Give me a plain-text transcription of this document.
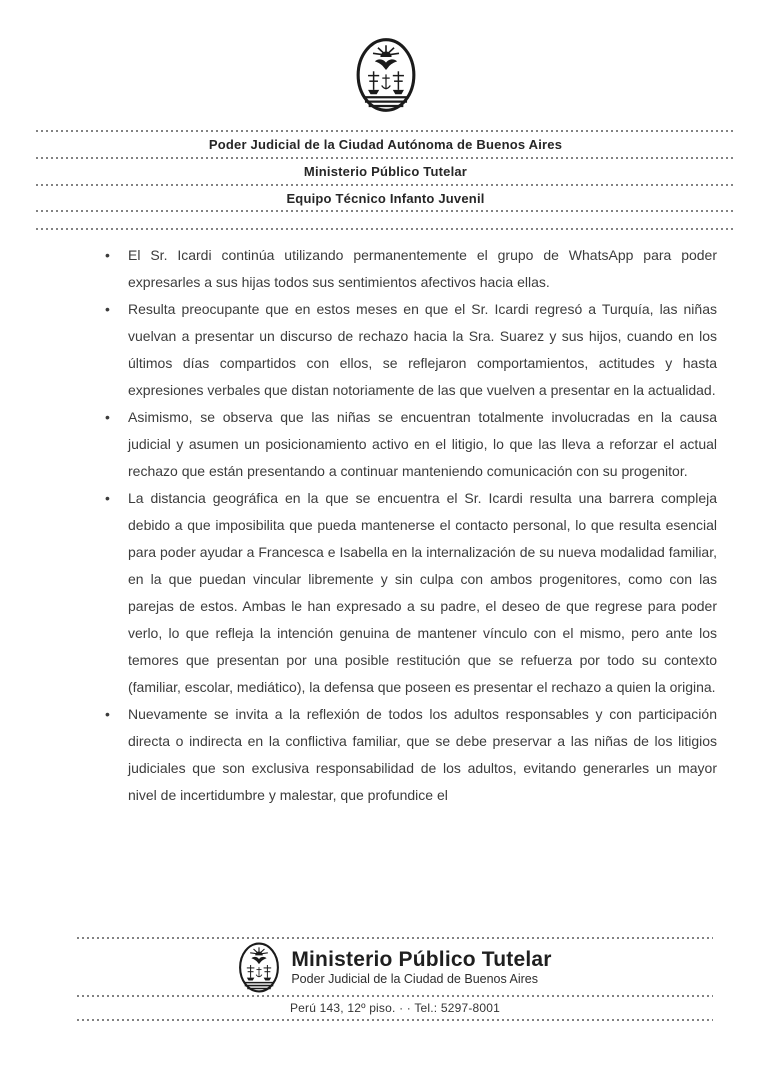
Poder Judicial de la Ciudad Autónoma de Buenos Aires
Ministerio Público Tutelar
Equipo Técnico Infanto Juvenil
•	El Sr. Icardi continúa utilizando permanentemente el grupo de WhatsApp para poder expresarles a sus hijas todos sus sentimientos afectivos hacia ellas.

•	Resulta preocupante que en estos meses en que el Sr. Icardi regresó a Turquía, las niñas vuelvan a presentar un discurso de rechazo hacia la Sra. Suarez y sus hijos, cuando en los últimos días compartidos con ellos, se reflejaron comportamientos, actitudes y hasta expresiones verbales que distan notoriamente de las que vuelven a presentar en la actualidad.

•	Asimismo, se observa que las niñas se encuentran totalmente involucradas en la causa judicial y asumen un posicionamiento activo en el litigio, lo que las lleva a reforzar el actual rechazo que están presentando a continuar manteniendo comunicación con su progenitor.

•	La distancia geográfica en la que se encuentra el Sr. Icardi resulta una barrera compleja debido a que imposibilita que pueda mantenerse el contacto personal, lo que resulta esencial para poder ayudar a Francesca e Isabella en la internalización de su nueva modalidad familiar, en la que puedan vincular libremente y sin culpa con ambos progenitores, como con las parejas de estos. Ambas le han expresado a su padre, el deseo de que regrese para poder verlo, lo que refleja la intención genuina de mantener vínculo con el mismo, pero ante los temores que presentan por una posible restitución que se refuerza por todo su contexto (familiar, escolar, mediático), la defensa que poseen es presentar el rechazo a quien la origina.

•	Nuevamente se invita a la reflexión de todos los adultos responsables y con participación directa o indirecta en la conflictiva familiar, que se debe preservar a las niñas de los litigios judiciales que son exclusiva responsabilidad de los adultos, evitando generarles un mayor nivel de incertidumbre y malestar, que profundice el

Ministerio Público Tutelar
Poder Judicial de la Ciudad de Buenos Aires
Perú 143, 12º piso. · · Tel.: 5297-8001
